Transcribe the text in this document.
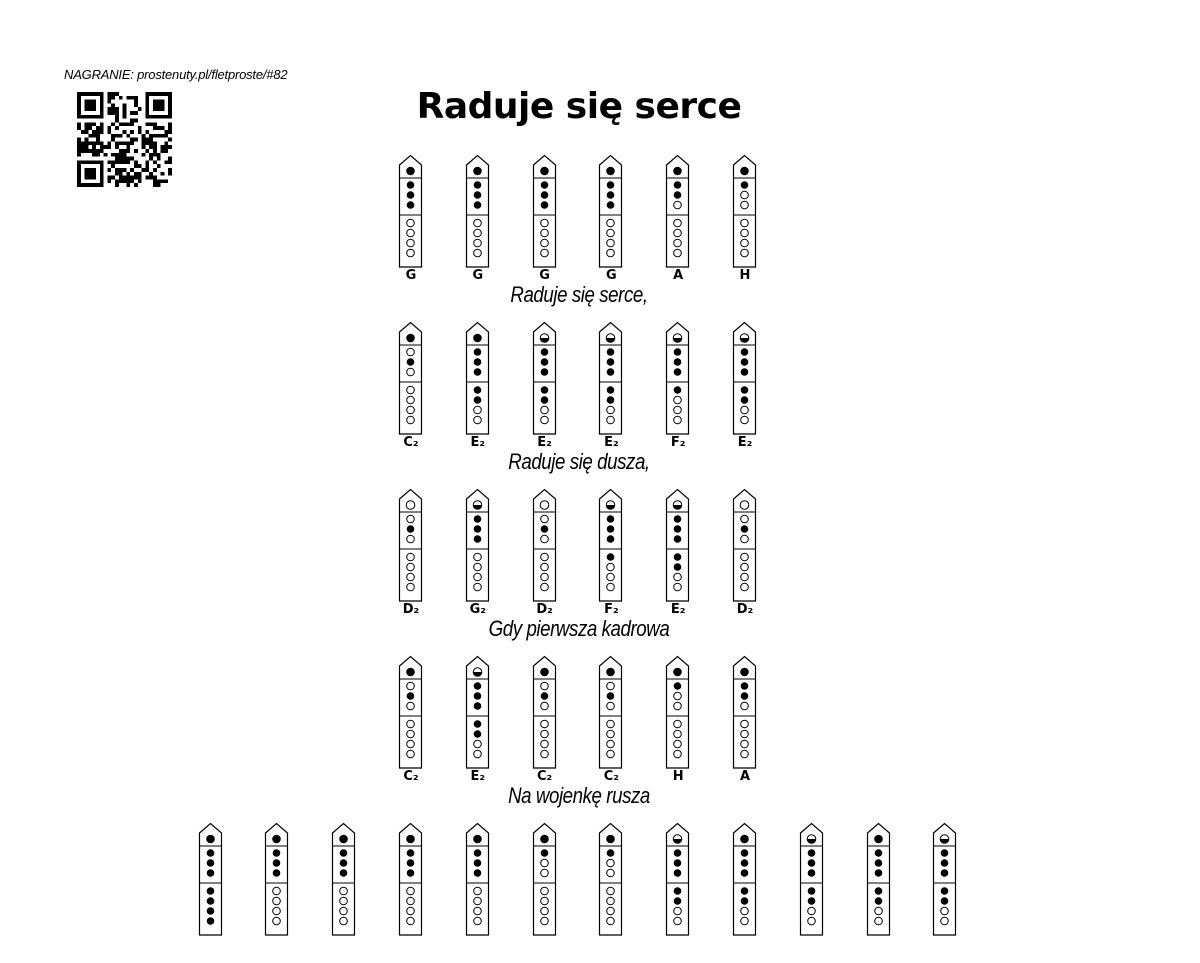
NAGRANIE: prostenuty.pl/fletproste/#82
Raduje się serce
G	G	G	G	A	H
Raduje się serce,
C₂	E₂	E₂	E₂	F₂	E₂
Raduje się dusza,
D₂	G₂	D₂	F₂	E₂	D₂
Gdy pierwsza kadrowa
C₂	E₂	C₂	C₂	H	A
Na wojenkę rusza
